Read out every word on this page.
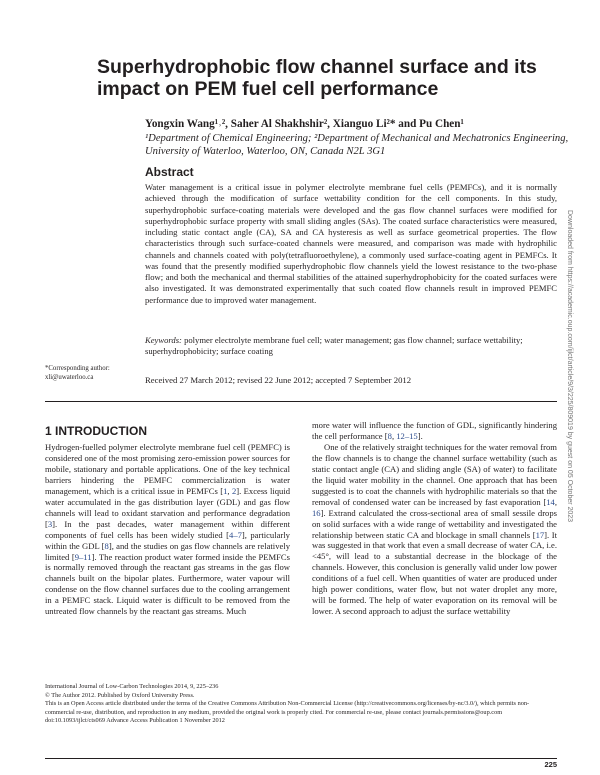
Superhydrophobic flow channel surface and its impact on PEM fuel cell performance
Yongxin Wang¹˒², Saher Al Shakhshir², Xianguo Li²* and Pu Chen¹
¹Department of Chemical Engineering; ²Department of Mechanical and Mechatronics Engineering, University of Waterloo, Waterloo, ON, Canada N2L 3G1
Abstract
Water management is a critical issue in polymer electrolyte membrane fuel cells (PEMFCs), and it is normally achieved through the modification of surface wettability condition for the cell components. In this study, superhydrophobic surface-coating materials were developed and the gas flow channel surfaces were modified for superhydrophobic surface property with small sliding angles (SAs). The coated surface characteristics were measured, including static contact angle (CA), SA and CA hysteresis as well as surface geometrical properties. The flow characteristics through such surface-coated channels were measured, and comparison was made with hydrophilic channels and channels coated with poly(tetrafluoroethylene), a commonly used surface-coating agent in PEMFCs. It was found that the presently modified superhydrophobic flow channels yield the lowest resistance to the two-phase flow; and both the mechanical and thermal stabilities of the attained superhydrophobicity for the coated surfaces were also investigated. It was demonstrated experimentally that such coated flow channels result in improved PEMFC performance due to improved water management.
Keywords: polymer electrolyte membrane fuel cell; water management; gas flow channel; surface wettability; superhydrophobicity; surface coating
*Corresponding author:
xli@uwaterloo.ca	Received 27 March 2012; revised 22 June 2012; accepted 7 September 2012
1 INTRODUCTION

Hydrogen-fuelled polymer electrolyte membrane fuel cell (PEMFC) is considered one of the most promising zero-emission power sources for mobile, stationary and portable applications. One of the key technical barriers hindering the PEMFC commercialization is water management, which is a critical issue in PEMFCs [1, 2]. Excess liquid water accumulated in the gas distribution layer (GDL) and gas flow channels will lead to oxidant starvation and performance degradation [3]. In the past decades, water management within different components of fuel cells has been widely studied [4–7], particularly within the GDL [8], and the studies on gas flow channels are relatively limited [9–11]. The reaction product water formed inside the PEMFCs is normally removed through the reactant gas streams in the gas flow channels built on the bipolar plates. Furthermore, water vapour will condense on the flow channel surfaces due to the cooling arrangement in a PEMFC stack. Liquid water is difficult to be removed from the untreated flow channels by the reactant gas streams. Much

more water will influence the function of GDL, significantly hindering the cell performance [8, 12–15].

One of the relatively straight techniques for the water removal from the flow channels is to change the channel surface wettability (such as static contact angle (CA) and sliding angle (SA) of water) to facilitate the liquid water mobility in the channel. One approach that has been suggested is to coat the channels with hydrophilic materials so that the removal of condensed water can be increased by fast evaporation [14, 16]. Extrand calculated the cross-sectional area of small sessile drops on solid surfaces with a wide range of wettability and investigated the relationship between static CA and blockage in small channels [17]. It was suggested in that work that even a small decrease of water CA, i.e. <45°, will lead to a substantial decrease in the blockage of the channels. However, this conclusion is generally valid under low power conditions of a fuel cell. When quantities of water are produced under high power conditions, water flow, but not water droplet any more, will be formed. The help of water evaporation on its removal will be lower. A second approach to adjust the surface wettability

International Journal of Low-Carbon Technologies 2014, 9, 225–236
© The Author 2012. Published by Oxford University Press.
This is an Open Access article distributed under the terms of the Creative Commons Attribution Non-Commercial License (http://creativecommons.org/licenses/by-nc/3.0/), which permits non-commercial re-use, distribution, and reproduction in any medium, provided the original work is properly cited. For commercial re-use, please contact journals.permissions@oup.com
doi:10.1093/ijlct/cts069 Advance Access Publication 1 November 2012
225
Downloaded from https://academic.oup.com/ijlct/article/9/3/225/809019 by guest on 05 October 2023
